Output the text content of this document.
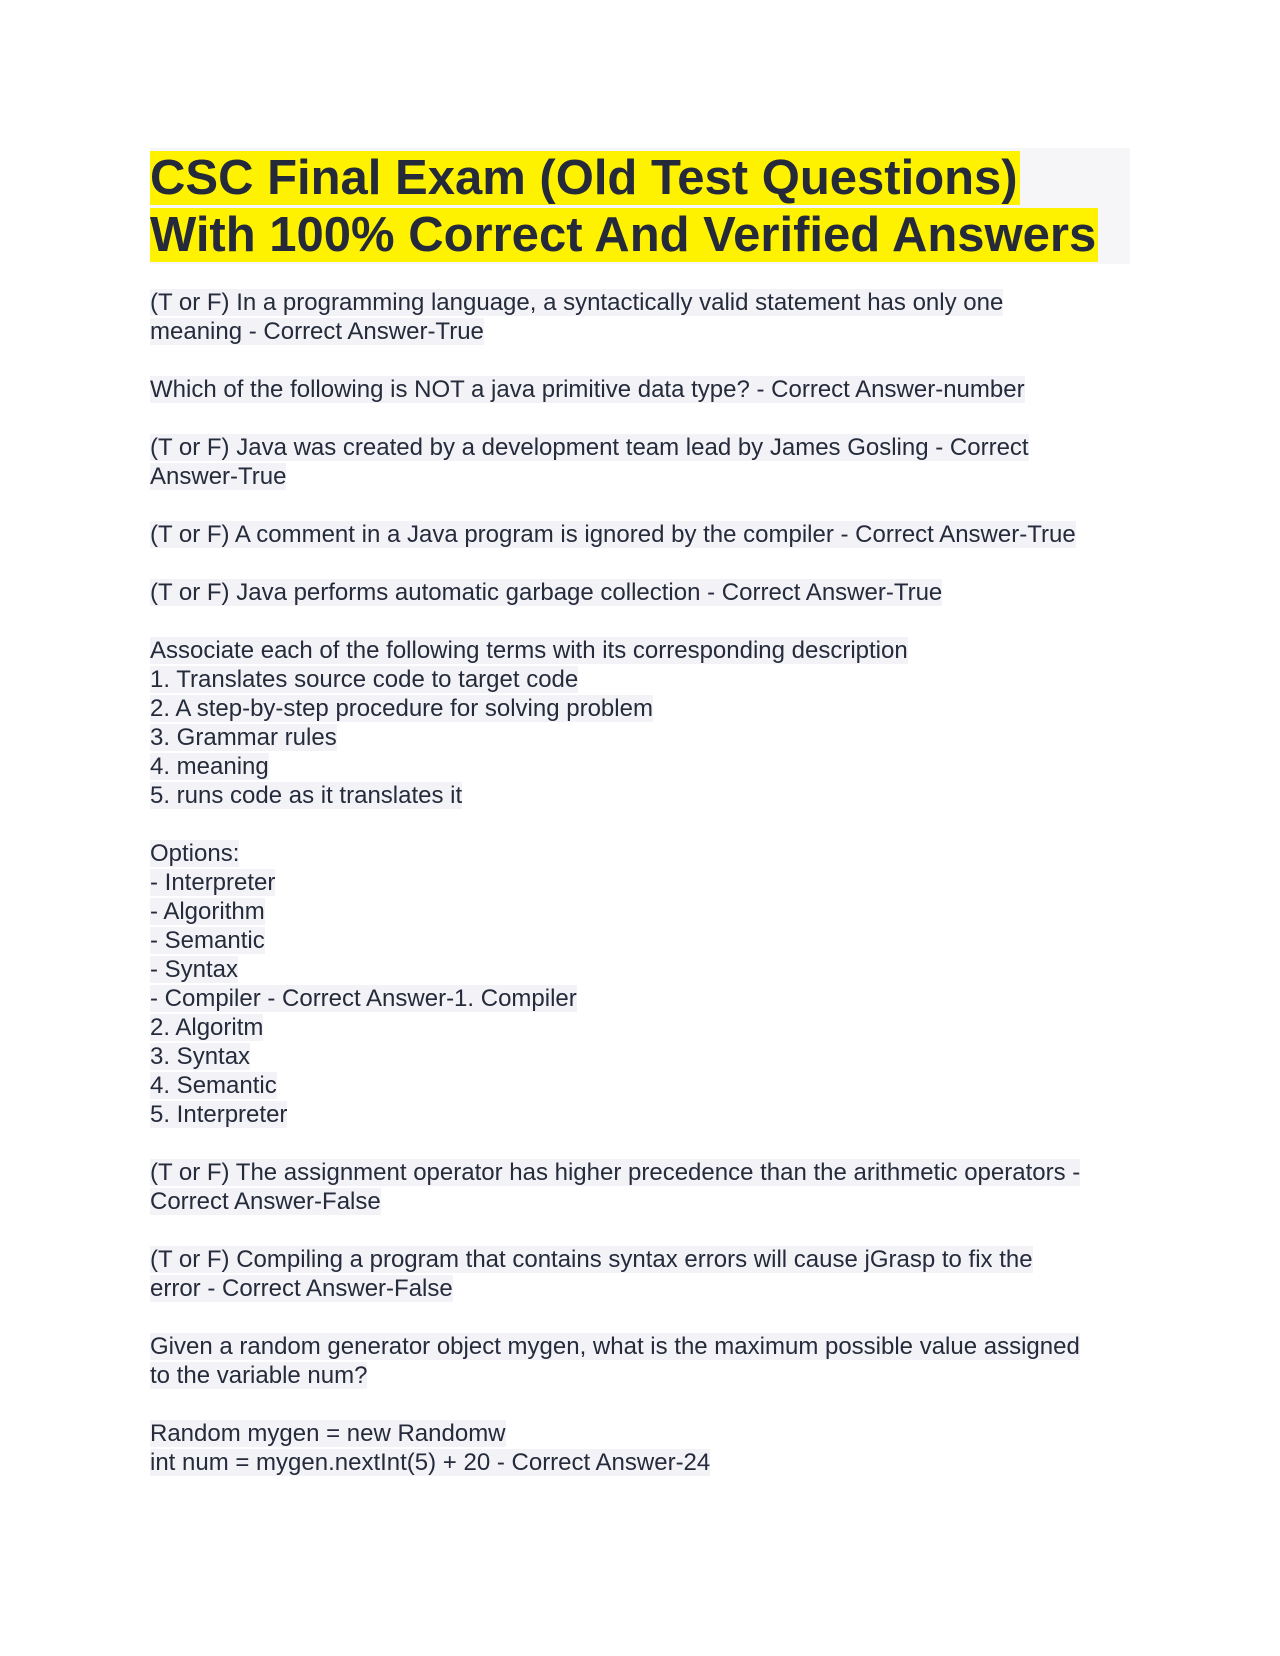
CSC Final Exam (Old Test Questions)
With 100% Correct And Verified Answers
(T or F) In a programming language, a syntactically valid statement has only one
meaning - Correct Answer-True
Which of the following is NOT a java primitive data type? - Correct Answer-number
(T or F) Java was created by a development team lead by James Gosling - Correct
Answer-True
(T or F) A comment in a Java program is ignored by the compiler - Correct Answer-True
(T or F) Java performs automatic garbage collection - Correct Answer-True
Associate each of the following terms with its corresponding description
1. Translates source code to target code
2. A step-by-step procedure for solving problem
3. Grammar rules
4. meaning
5. runs code as it translates it
Options:
- Interpreter
- Algorithm
- Semantic
- Syntax
- Compiler - Correct Answer-1. Compiler
2. Algoritm
3. Syntax
4. Semantic
5. Interpreter
(T or F) The assignment operator has higher precedence than the arithmetic operators -
Correct Answer-False
(T or F) Compiling a program that contains syntax errors will cause jGrasp to fix the
error - Correct Answer-False
Given a random generator object mygen, what is the maximum possible value assigned
to the variable num?
Random mygen = new Randomw
int num = mygen.nextInt(5) + 20 - Correct Answer-24
